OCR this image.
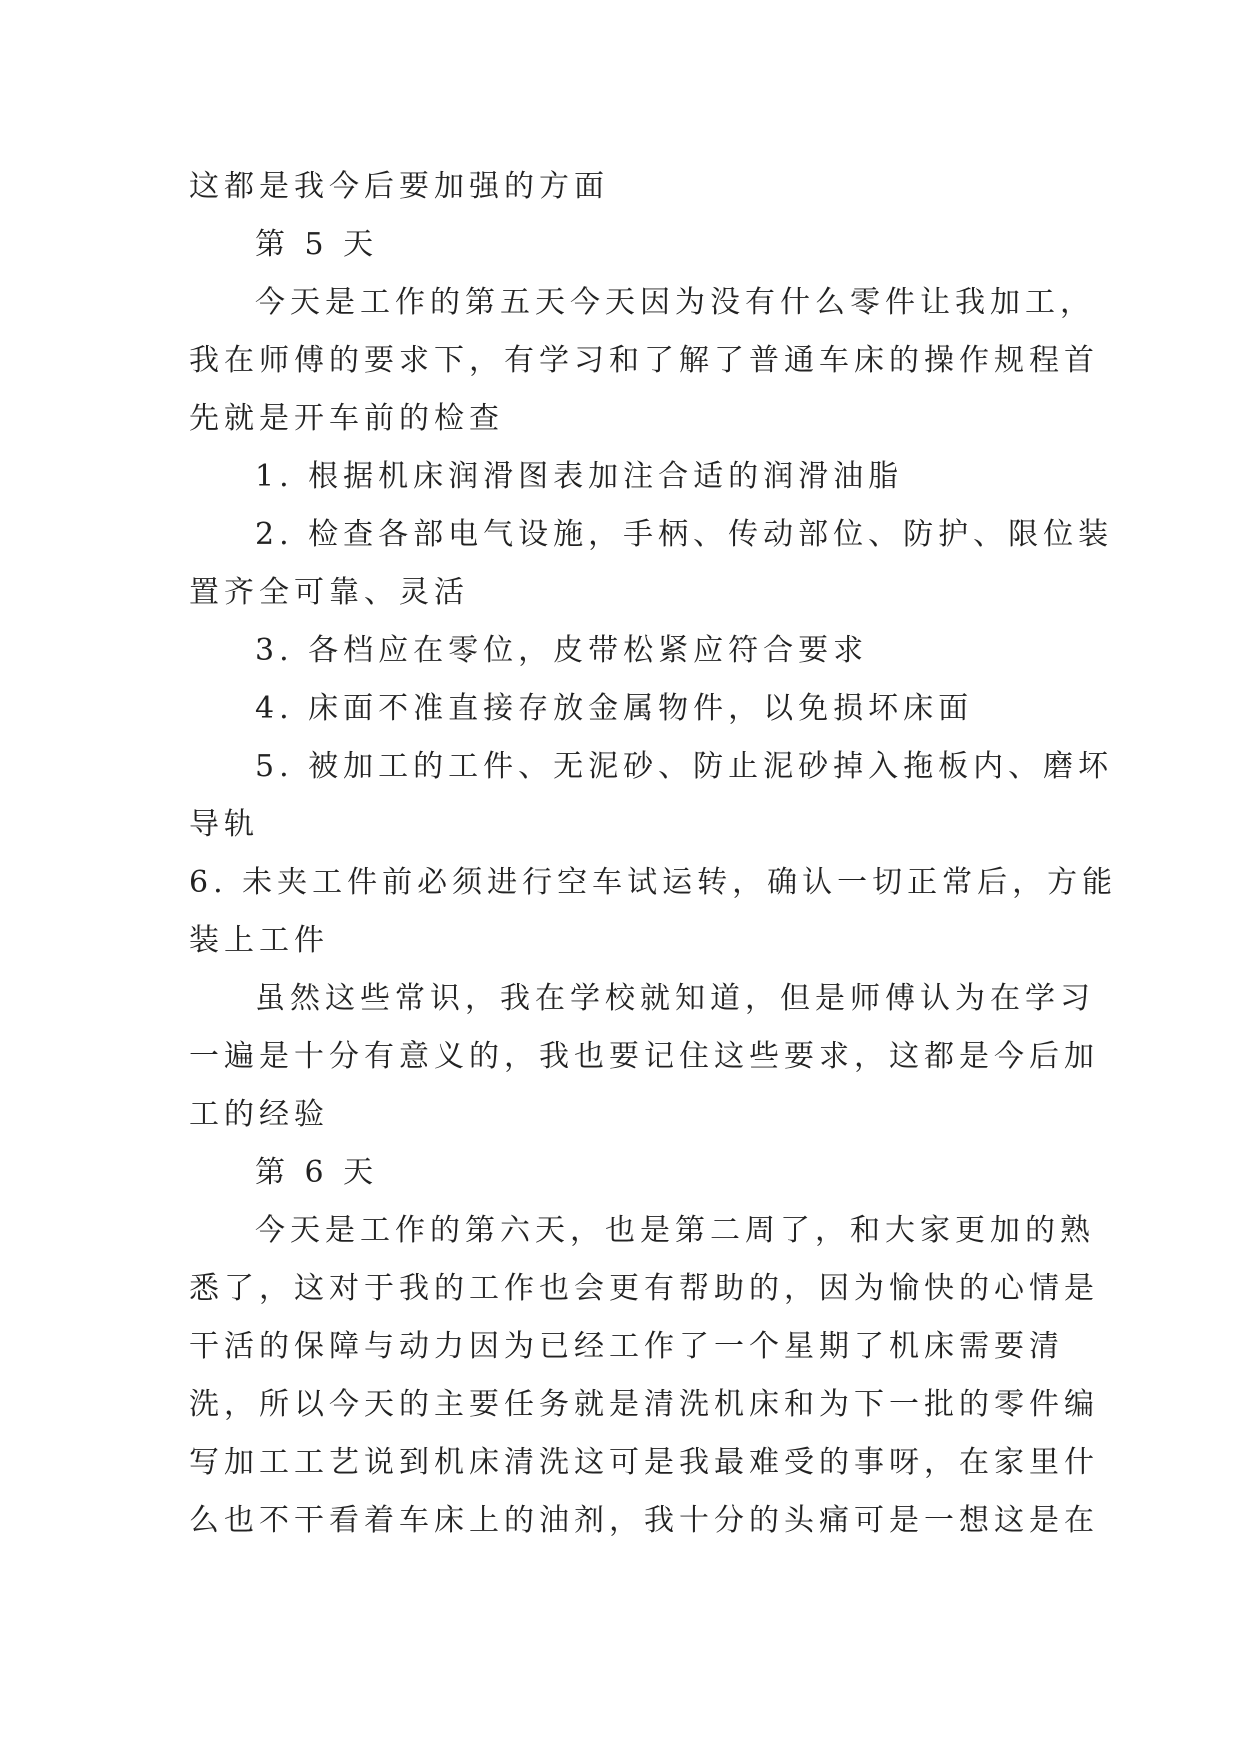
这都是我今后要加强的方面
第 5 天
今天是工作的第五天今天因为没有什么零件让我加工，
我在师傅的要求下，有学习和了解了普通车床的操作规程首
先就是开车前的检查
1. 根据机床润滑图表加注合适的润滑油脂
2. 检查各部电气设施，手柄、传动部位、防护、限位装
置齐全可靠、灵活
3. 各档应在零位，皮带松紧应符合要求
4. 床面不准直接存放金属物件，以免损坏床面
5. 被加工的工件、无泥砂、防止泥砂掉入拖板内、磨坏
导轨
6. 未夹工件前必须进行空车试运转，确认一切正常后，方能
装上工件
虽然这些常识，我在学校就知道，但是师傅认为在学习
一遍是十分有意义的，我也要记住这些要求，这都是今后加
工的经验
第 6 天
今天是工作的第六天，也是第二周了，和大家更加的熟
悉了，这对于我的工作也会更有帮助的，因为愉快的心情是
干活的保障与动力因为已经工作了一个星期了机床需要清
洗，所以今天的主要任务就是清洗机床和为下一批的零件编
写加工工艺说到机床清洗这可是我最难受的事呀，在家里什
么也不干看着车床上的油剂，我十分的头痛可是一想这是在
